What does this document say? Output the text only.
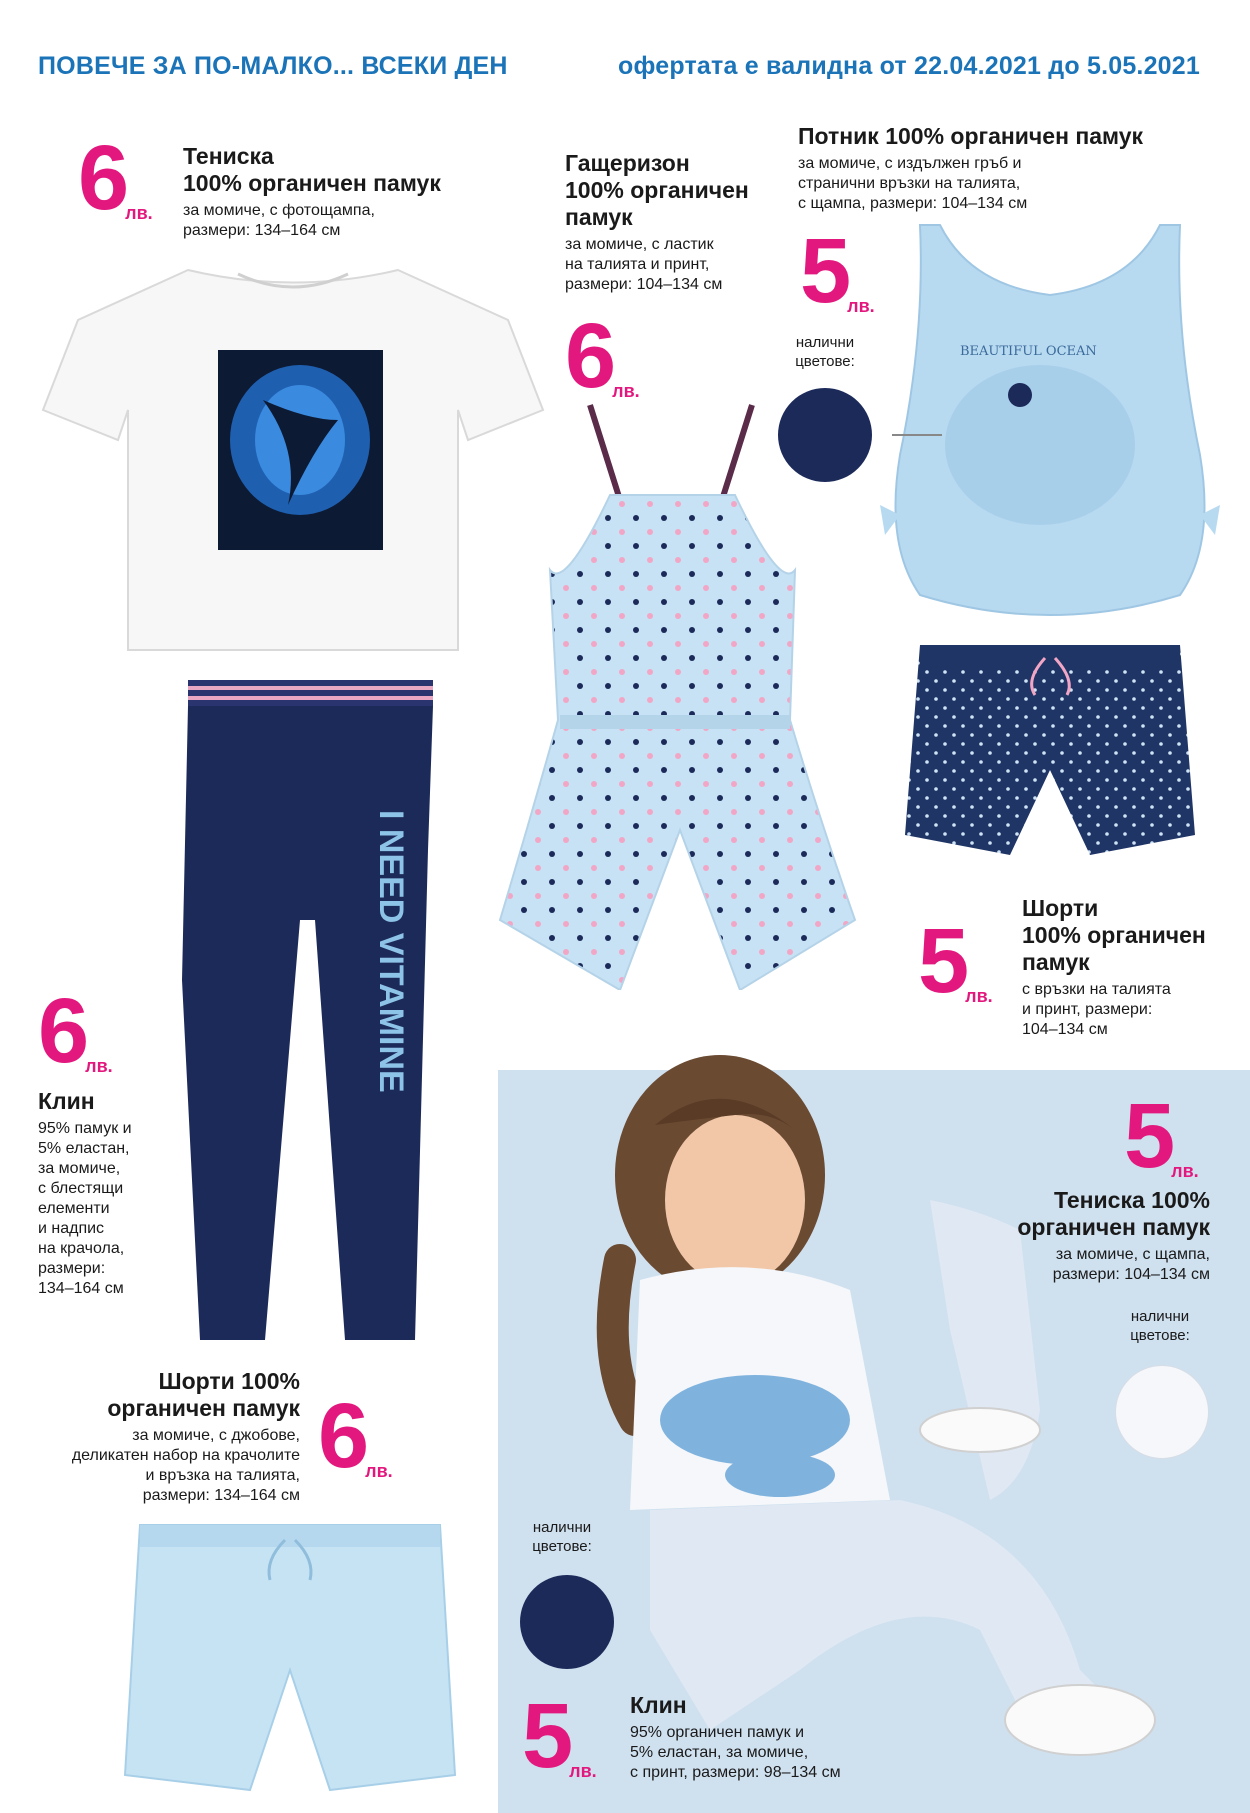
ПОВЕЧЕ ЗА ПО-МАЛКО... ВСЕКИ ДЕН	офертата е валидна от 22.04.2021 до 5.05.2021
I NEED VITAMINE
BEAUTIFUL OCEAN
6
лв.
Тениска
100% органичен памук
за момиче, с фотощампа,
размери: 134–164 см
Гащеризон
100% органичен
памук
за момиче, с ластик
на талията и принт,
размери: 104–134 см
6
лв.
Потник 100% органичен памук
за момиче, с издължен гръб и
странични връзки на талията,
с щампа, размери: 104–134 см
5
лв.
налични
цветове:
5
лв.
Шорти
100% органичен
памук
с връзки на талията
и принт, размери:
104–134 см
6
лв.
Клин
95% памук и
5% еластан,
за момиче,
с блестящи
елементи
и надпис
на крачола,
размери:
134–164 см
5
лв.
Тениска 100%
органичен памук
за момиче, с щампа,
размери: 104–134 см
налични
цветове:
Шорти 100%
органичен памук
за момиче, с джобове,
деликатен набор на крачолите
и връзка на талията,
размери: 134–164 см
6
лв.
налични
цветове:
5
лв.
Клин
95% органичен памук и
5% еластан, за момиче,
с принт, размери: 98–134 см
